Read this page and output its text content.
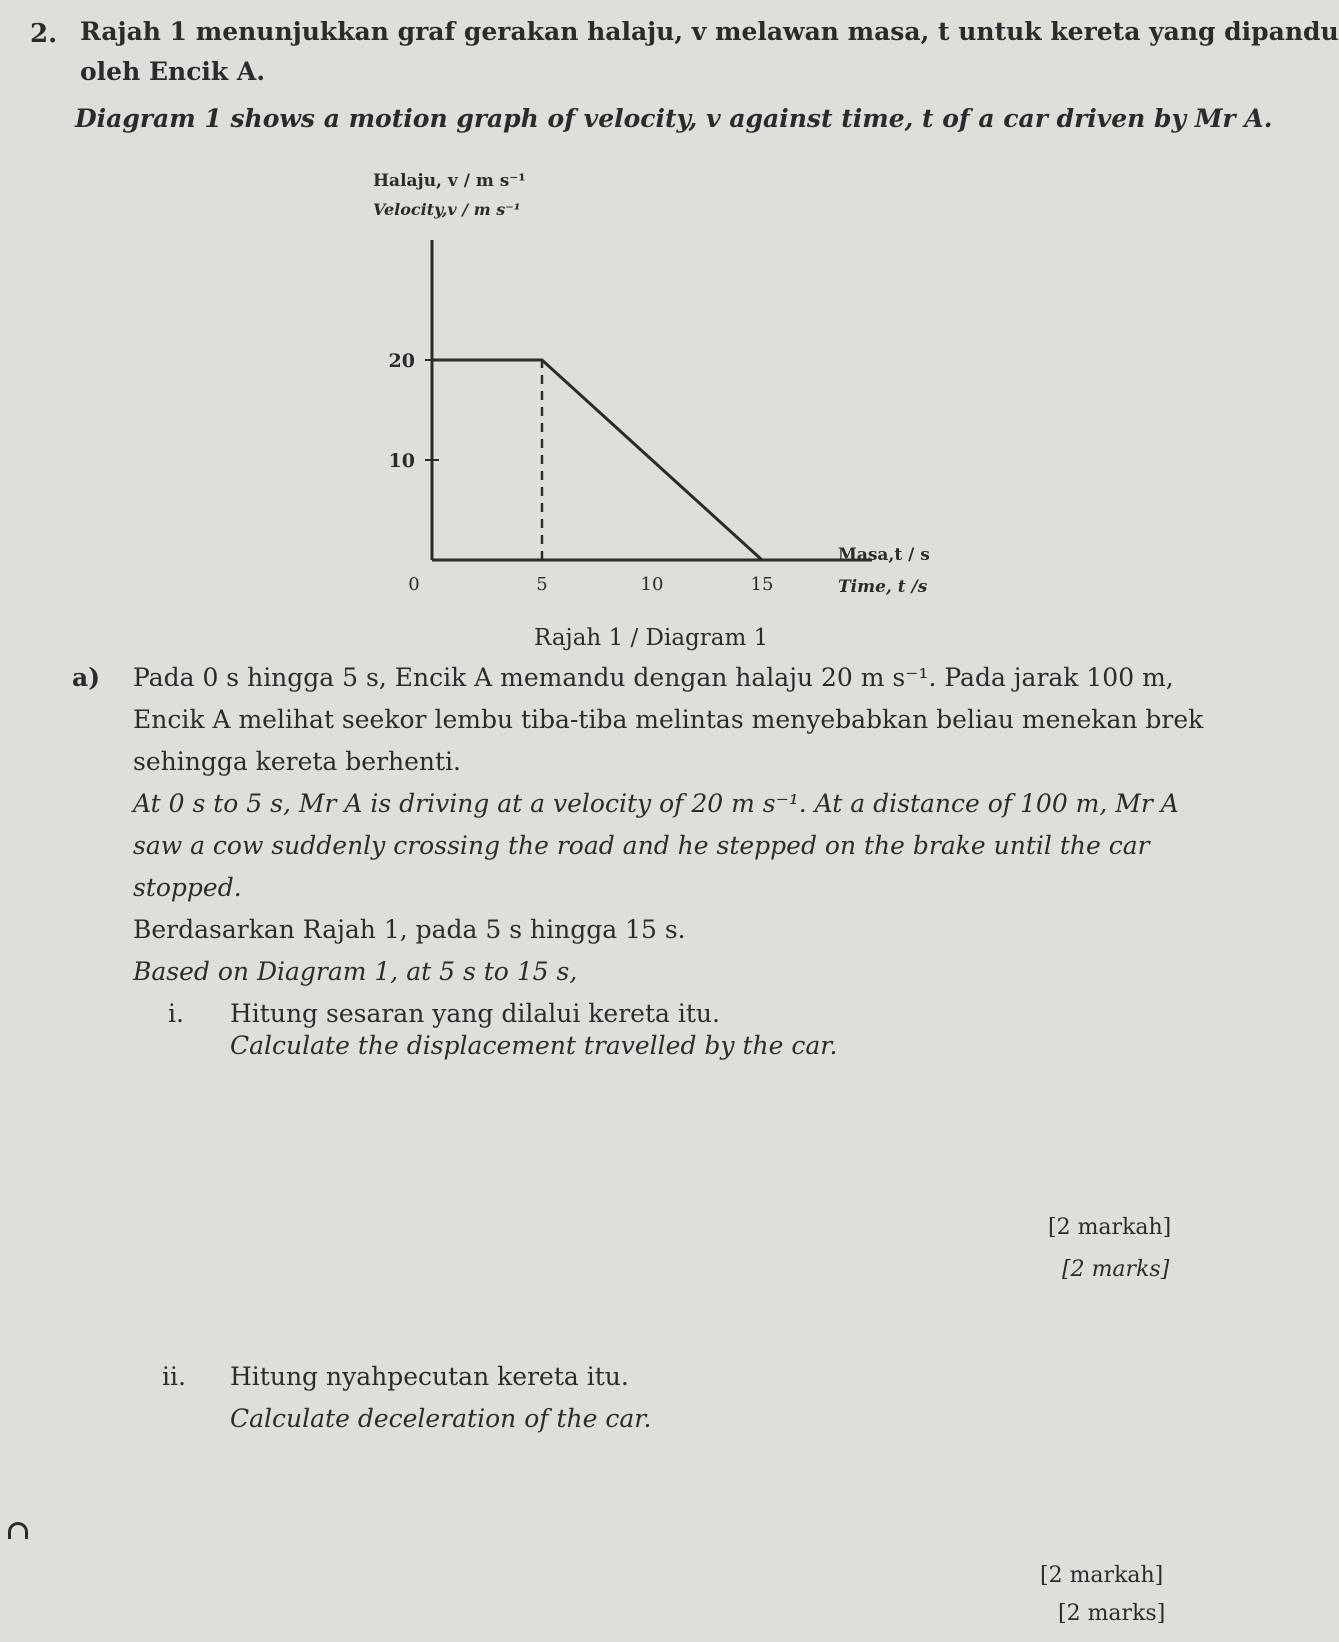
2. Rajah 1 menunjukkan graf gerakan halaju, v melawan masa, t untuk kereta yang dipandu
oleh Encik A.
Diagram 1 shows a motion graph of velocity, v against time, t of a car driven by Mr A.
Halaju, v / m s⁻¹
Velocity,v / m s⁻¹
10
20
0	5	10	15
Masa,t / s
Time, t /s
Rajah 1 / Diagram 1
a) Pada 0 s hingga 5 s, Encik A memandu dengan halaju 20 m s⁻¹. Pada jarak 100 m,
Encik A melihat seekor lembu tiba-tiba melintas menyebabkan beliau menekan brek
sehingga kereta berhenti.
At 0 s to 5 s, Mr A is driving at a velocity of 20 m s⁻¹. At a distance of 100 m, Mr A
saw a cow suddenly crossing the road and he stepped on the brake until the car
stopped.
Berdasarkan Rajah 1, pada 5 s hingga 15 s.
Based on Diagram 1, at 5 s to 15 s,
i. Hitung sesaran yang dilalui kereta itu.
Calculate the displacement travelled by the car.
[2 markah]
[2 marks]
ii. Hitung nyahpecutan kereta itu.
Calculate deceleration of the car.
[2 markah]
[2 marks]
